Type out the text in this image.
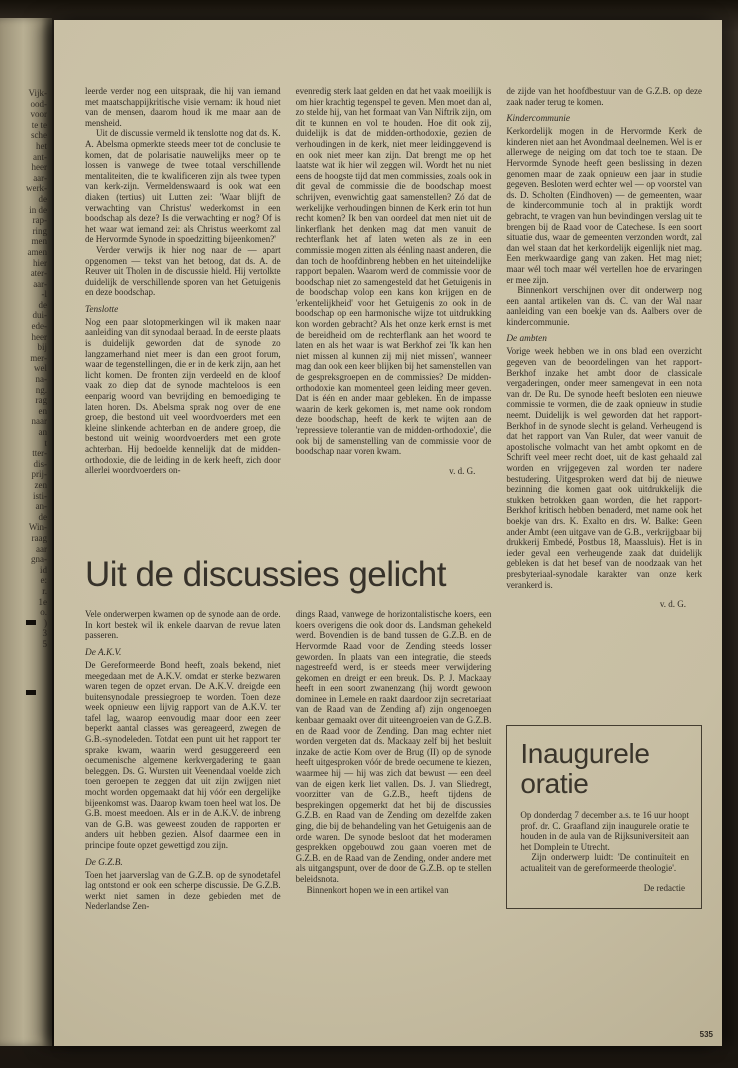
Vijk-
ood-
voor
te te
sche
het
ant-
heer
aar-
werk-
de
in de
rap-
ring
men
amen
hier
ater-
aar-
-l
de
dui-
ede-
heer
bij
mer-
wel
na-
ng.
rag
en
naar
an
t
tter-
dis-
prij-
zen
isti-
an-
de
Win-
raag
aar
gna-
id
e:
r.
1e
o.
)
3
5

leerde verder nog een uitspraak, die hij van iemand met maatschappijkritische visie vernam: ik houd niet van de mensen, daarom houd ik me maar aan de mensheid.

Uit de discussie vermeld ik tenslotte nog dat ds. K. A. Abelsma opmerkte steeds meer tot de conclusie te komen, dat de polarisatie nauwelijks meer op te lossen is vanwege de twee totaal verschillende mentaliteiten, die te kwalificeren zijn als twee typen van kerk-zijn. Vermeldenswaard is ook wat een diaken (tertius) uit Lutten zei: 'Waar blijft de verwachting van Christus' wederkomst in een boodschap als deze? Is die verwachting er nog? Of is het waar wat iemand zei: als Christus weerkomt zal de Hervormde Synode in spoedzitting bijeenkomen?'

Verder verwijs ik hier nog naar de — apart opgenomen — tekst van het betoog, dat ds. A. de Reuver uit Tholen in de discussie hield. Hij vertolkte duidelijk de verschillende sporen van het Getuigenis en deze boodschap.

Tenslotte

Nog een paar slotopmerkingen wil ik maken naar aanleiding van dit synodaal beraad. In de eerste plaats is duidelijk geworden dat de synode zo langzamerhand niet meer is dan een groot forum, waar de tegenstellingen, die er in de kerk zijn, aan het licht komen. De fronten zijn verdeeld en de kloof vaak zo diep dat de synode machteloos is een eenparig woord van bevrijding en bemoediging te laten horen. Ds. Abelsma sprak nog over de ene groep, die bestond uit veel woordvoerders met een kleine slinkende achterban en de andere groep, die bestond uit weinig woordvoerders met een grote achterban. Hij bedoelde kennelijk dat de midden-orthodoxie, die de leiding in de kerk heeft, zich door allerlei woordvoerders on-

evenredig sterk laat gelden en dat het vaak moeilijk is om hier krachtig tegenspel te geven. Men moet dan al, zo stelde hij, van het formaat van Van Niftrik zijn, om dit te kunnen en vol te houden. Hoe dit ook zij, duidelijk is dat de midden-orthodoxie, gezien de verhoudingen in de kerk, niet meer leidinggevend is en ook niet meer kan zijn. Dat brengt me op het laatste wat ik hier wil zeggen wil. Wordt het nu niet eens de hoogste tijd dat men commissies, zoals ook in dit geval de commissie die de boodschap moest schrijven, evenwichtig gaat samenstellen? Zó dat de werkelijke verhoudingen binnen de Kerk erin tot hun recht komen? Ik ben van oordeel dat men niet uit de linkerflank het denken mag dat men vanuit de rechterflank het af laten weten als ze in een commissie mogen zitten als éénling naast anderen, die dan toch de hoofdinbreng hebben en het uiteindelijke rapport bepalen. Waarom werd de commissie voor de boodschap niet zo samengesteld dat het Getuigenis in de boodschap volop een kans kon krijgen en de 'erkentelijkheid' voor het Getuigenis zo ook in de boodschap op een harmonische wijze tot uitdrukking kon worden gebracht? Als het onze kerk ernst is met de bereidheid om de rechterflank aan het woord te laten en als het waar is wat Berkhof zei 'Ik kan hen niet missen al kunnen zij mij niet missen', wanneer mag dan ook een keer blijken bij het samenstellen van de gespreksgroepen en de commissies? De midden-orthodoxie kan momenteel geen leiding meer geven. Dat is één en ander maar gebleken. En de impasse waarin de kerk gekomen is, met name ook rondom deze boodschap, heeft de kerk te wijten aan de 'repressieve tolerantie van de midden-orthodoxie', die ook bij de samenstelling van de commissie voor de boodschap naar voren kwam.

v. d. G.

de zijde van het hoofdbestuur van de G.Z.B. op deze zaak nader terug te komen.

Kindercommunie

Kerkordelijk mogen in de Hervormde Kerk de kinderen niet aan het Avondmaal deelnemen. Wel is er allerwege de neiging om dat toch toe te staan. De Hervormde Synode heeft geen beslissing in dezen genomen maar de zaak opnieuw een jaar in studie gegeven. Besloten werd echter wel — op voorstel van ds. D. Scholten (Eindhoven) — de gemeenten, waar de kindercommunie toch al in praktijk wordt gebracht, te vragen van hun bevindingen verslag uit te brengen bij de Raad voor de Catechese. Is een soort situatie dus, waar de gemeenten verzonden wordt, zal dan wel staan dat het kerkordelijk eigenlijk niet mag. Een merkwaardige gang van zaken. Het mag niet; maar wél toch maar wél vertellen hoe de ervaringen er mee zijn.

Binnenkort verschijnen over dit onderwerp nog een aantal artikelen van ds. C. van der Wal naar aanleiding van een boekje van ds. Aalbers over de kindercommunie.

De ambten

Vorige week hebben we in ons blad een overzicht gegeven van de beoordelingen van het rapport-Berkhof inzake het ambt door de classicale vergaderingen, onder meer samengevat in een nota van dr. De Ru. De synode heeft besloten een nieuwe commissie te vormen, die de zaak opnieuw in studie neemt. Duidelijk is wel geworden dat het rapport-Berkhof in de synode slecht is geland. Verheugend is dat het rapport van Van Ruler, dat weer vanuit de apostolische volmacht van het ambt opkomt en de Schrift veel meer recht doet, uit de kast gehaald zal worden en vrijgegeven zal worden ter nadere bestudering. Uitgesproken werd dat bij de nieuwe bezinning die komen gaat ook uitdrukkelijk die stukken betrokken gaan worden, die het rapport-Berkhof kritisch hebben benaderd, met name ook het boekje van drs. K. Exalto en drs. W. Balke: Geen ander Ambt (een uitgave van de G.B., verkrijgbaar bij drukkerij Embedé, Postbus 18, Maassluis). Het is in ieder geval een verheugende zaak dat duidelijk gebleken is dat het besef van de noodzaak van het presbyteriaal-synodale karakter van onze kerk verankerd is.

v. d. G.
Uit de discussies gelicht

Vele onderwerpen kwamen op de synode aan de orde. In kort bestek wil ik enkele daarvan de revue laten passeren.

De A.K.V.

De Gereformeerde Bond heeft, zoals bekend, niet meegedaan met de A.K.V. omdat er sterke bezwaren waren tegen de opzet ervan. De A.K.V. dreigde een buitensynodale pressiegroep te worden. Toen deze week opnieuw een lijvig rapport van de A.K.V. ter tafel lag, waarop eenvoudig maar door een zeer beperkt aantal classes was gereageerd, zwegen de G.B.-synodeleden. Totdat een punt uit het rapport ter sprake kwam, waarin werd gesuggereerd een oecumenische algemene kerkvergadering te gaan beleggen. Ds. G. Wursten uit Veenendaal voelde zich toen geroepen te zeggen dat uit zijn zwijgen niet mocht worden opgemaakt dat hij vóór een dergelijke bijeenkomst was. Daarop kwam toen heel wat los. De G.B. moest meedoen. Als er in de A.K.V. de inbreng van de G.B. was geweest zouden de rapporten er anders uit hebben gezien. Alsof daarmee een in principe foute opzet gewettigd zou zijn.

De G.Z.B.

Toen het jaarverslag van de G.Z.B. op de synodetafel lag ontstond er ook een scherpe discussie. De G.Z.B. werkt niet samen in deze gebieden met de Nederlandse Zen-

dings Raad, vanwege de horizontalistische koers, een koers overigens die ook door ds. Landsman gehekeld werd. Bovendien is de band tussen de G.Z.B. en de Hervormde Raad voor de Zending steeds losser geworden. In plaats van een integratie, die steeds nagestreefd werd, is er steeds meer verwijdering gekomen en dreigt er een breuk. Ds. P. J. Mackaay heeft in een soort zwanenzang (hij wordt gewoon dominee in Lemele en raakt daardoor zijn secretariaat van de Raad van de Zending af) zijn ongenoegen kenbaar gemaakt over dit uiteengroeien van de G.Z.B. en de Raad voor de Zending. Dan mag echter niet worden vergeten dat ds. Mackaay zelf bij het besluit inzake de actie Kom over de Brug (II) op de synode heeft uitgesproken vóór de brede oecumene te kiezen, waarmee hij — hij was zich dat bewust — een deel van de eigen kerk liet vallen. Ds. J. van Sliedregt, voorzitter van de G.Z.B., heeft tijdens de besprekingen opgemerkt dat het bij de discussies G.Z.B. en Raad van de Zending om dezelfde zaken ging, die bij de behandeling van het Getuigenis aan de orde waren. De synode besloot dat het moderamen gesprekken opgebouwd zou gaan voeren met de G.Z.B. en de Raad van de Zending, onder andere met als uitgangspunt, over de door de G.Z.B. op te stellen beleidsnota.

Binnenkort hopen we in een artikel van

Inaugurele
oratie

Op donderdag 7 december a.s. te 16 uur hoopt prof. dr. C. Graafland zijn inaugurele oratie te houden in de aula van de Rijksuniversiteit aan het Domplein te Utrecht.

Zijn onderwerp luidt: 'De continuïteit en actualiteit van de gereformeerde theologie'.

De redactie
535
